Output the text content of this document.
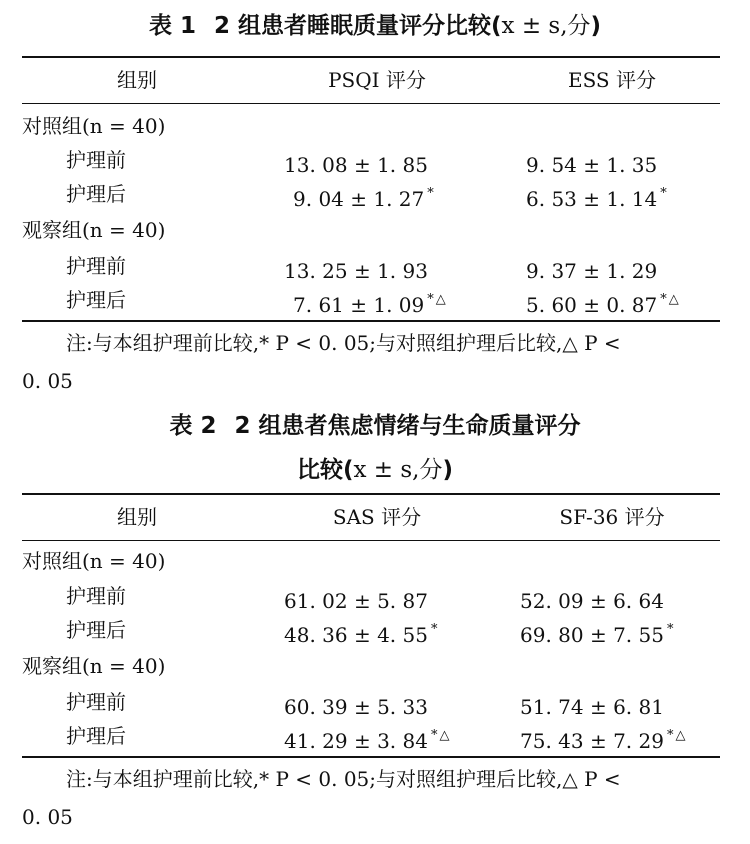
表 1 2 组患者睡眠质量评分比较(x ± s,分)
组别	PSQI 评分	ESS 评分
对照组(n = 40)
护理前	13. 08 ± 1. 85	9. 54 ± 1. 35
护理后	9. 04 ± 1. 27 *	6. 53 ± 1. 14 *
观察组(n = 40)
护理前	13. 25 ± 1. 93	9. 37 ± 1. 29
护理后	7. 61 ± 1. 09 *△	5. 60 ± 0. 87 *△
注:与本组护理前比较,* P < 0. 05;与对照组护理后比较,△ P <
0. 05
表 2 2 组患者焦虑情绪与生命质量评分
比较(x ± s,分)
组别	SAS 评分	SF-36 评分
对照组(n = 40)
护理前	61. 02 ± 5. 87	52. 09 ± 6. 64
护理后	48. 36 ± 4. 55 *	69. 80 ± 7. 55 *
观察组(n = 40)
护理前	60. 39 ± 5. 33	51. 74 ± 6. 81
护理后	41. 29 ± 3. 84 *△	75. 43 ± 7. 29 *△
注:与本组护理前比较,* P < 0. 05;与对照组护理后比较,△ P <
0. 05
